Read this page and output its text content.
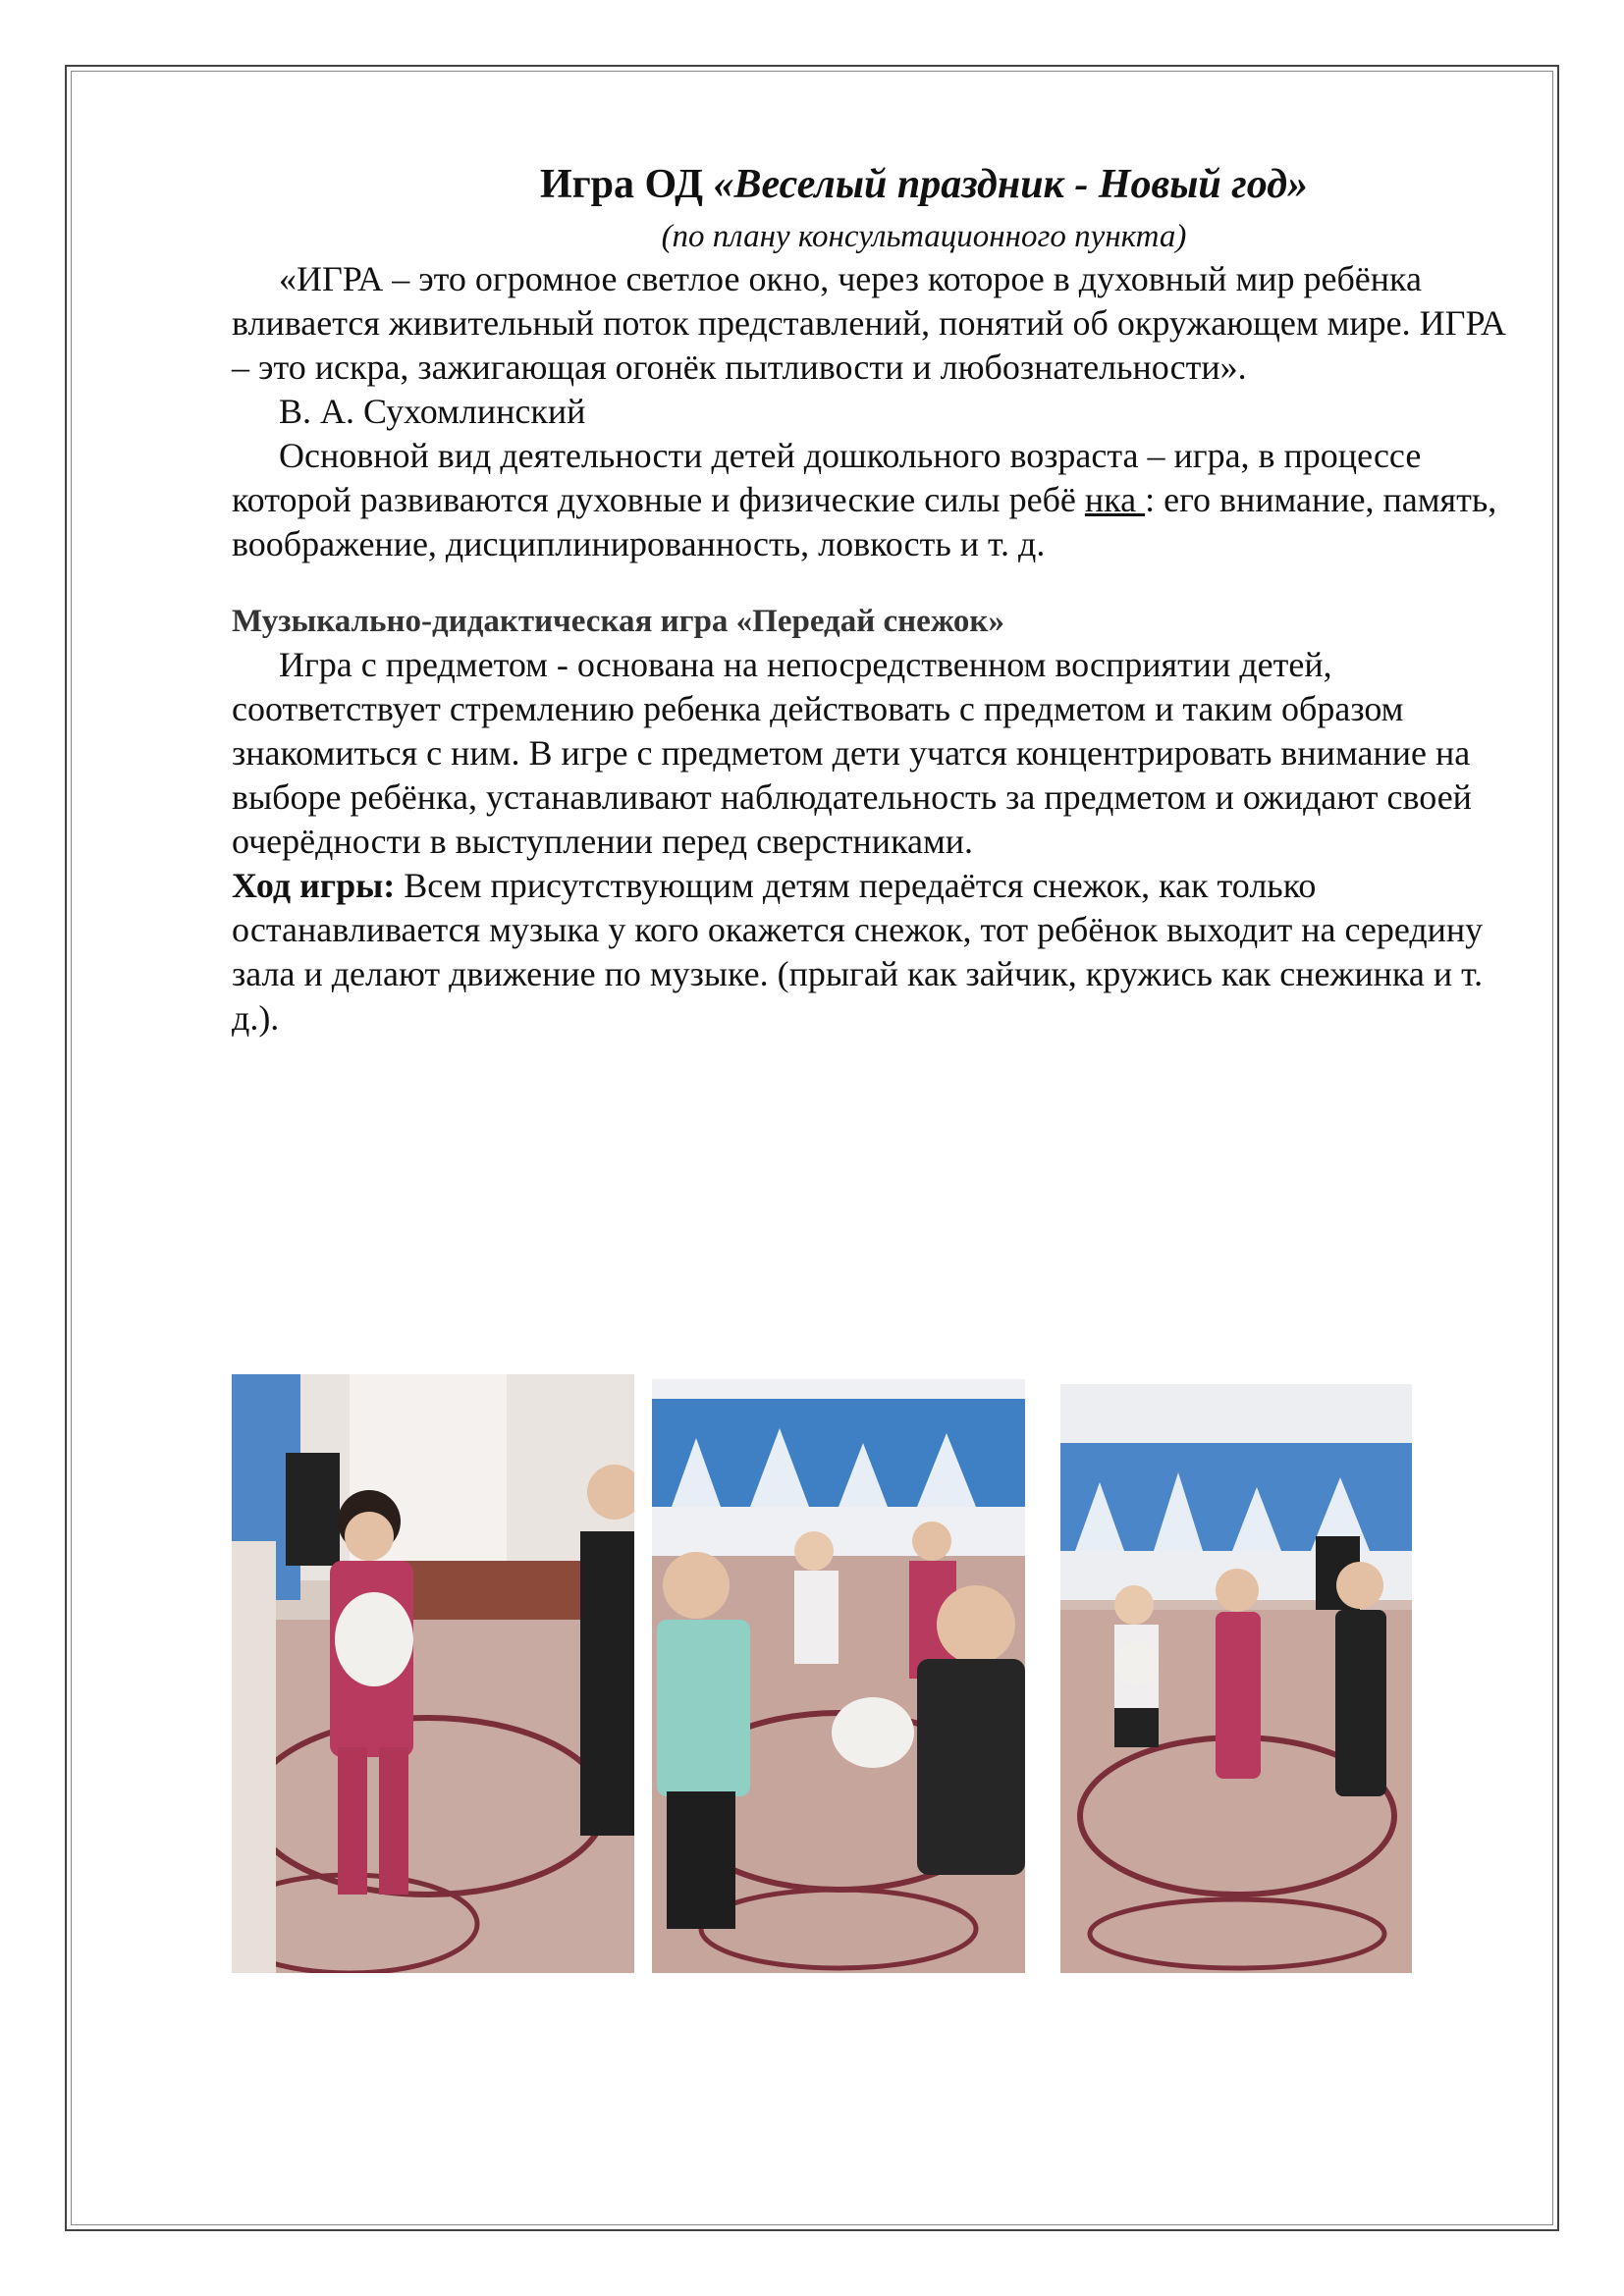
Игра ОД «Веселый праздник - Новый год»
(по плану консультационного пункта)

«ИГРА – это огромное светлое окно, через которое в духовный мир ребёнка вливается живительный поток представлений, понятий об окружающем мире. ИГРА – это искра, зажигающая огонёк пытливости и любознательности».

В. А. Сухомлинский

Основной вид деятельности детей дошкольного возраста – игра, в процессе которой развиваются духовные и физические силы ребё нка : его внимание, память, воображение, дисциплинированность, ловкость и т. д.

Музыкально-дидактическая игра «Передай снежок»

Игра с предметом - основана на непосредственном восприятии детей, соответствует стремлению ребенка действовать с предметом и таким образом знакомиться с ним. В игре с предметом дети учатся концентрировать внимание на выборе ребёнка, устанавливают наблюдательность за предметом и ожидают своей очерёдности в выступлении перед сверстниками.

Ход игры: Всем присутствующим детям передаётся снежок, как только останавливается музыка у кого окажется снежок, тот ребёнок выходит на середину зала и делают движение по музыке. (прыгай как зайчик, кружись как снежинка и т. д.).
